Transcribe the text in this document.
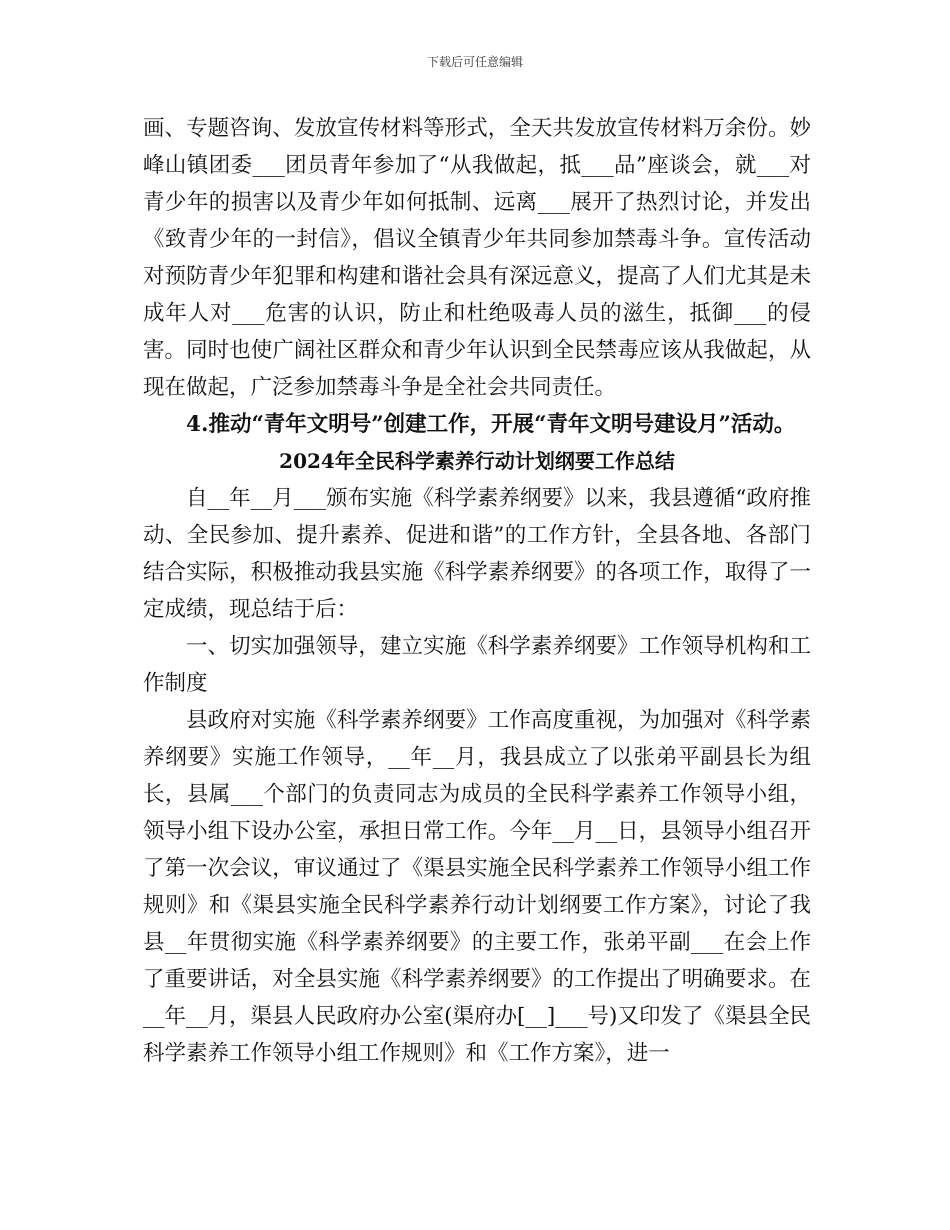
下载后可任意编辑

画、专题咨询、发放宣传材料等形式，全天共发放宣传材料万余份。妙峰山镇团委___团员青年参加了“从我做起，抵___品”座谈会，就___对青少年的损害以及青少年如何抵制、远离___展开了热烈讨论，并发出《致青少年的一封信》，倡议全镇青少年共同参加禁毒斗争。宣传活动对预防青少年犯罪和构建和谐社会具有深远意义，提高了人们尤其是未成年人对___危害的认识，防止和杜绝吸毒人员的滋生，抵御___的侵害。同时也使广阔社区群众和青少年认识到全民禁毒应该从我做起，从现在做起，广泛参加禁毒斗争是全社会共同责任。

4.推动“青年文明号”创建工作，开展“青年文明号建设月”活动。

2024年全民科学素养行动计划纲要工作总结

自__年__月___颁布实施《科学素养纲要》以来，我县遵循“政府推动、全民参加、提升素养、促进和谐”的工作方针，全县各地、各部门结合实际，积极推动我县实施《科学素养纲要》的各项工作，取得了一定成绩，现总结于后：

一、切实加强领导，建立实施《科学素养纲要》工作领导机构和工作制度

县政府对实施《科学素养纲要》工作高度重视，为加强对《科学素养纲要》实施工作领导，__年__月，我县成立了以张弟平副县长为组长，县属___个部门的负责同志为成员的全民科学素养工作领导小组，领导小组下设办公室，承担日常工作。今年__月__日，县领导小组召开了第一次会议，审议通过了《渠县实施全民科学素养工作领导小组工作规则》和《渠县实施全民科学素养行动计划纲要工作方案》，讨论了我县__年贯彻实施《科学素养纲要》的主要工作，张弟平副___在会上作了重要讲话，对全县实施《科学素养纲要》的工作提出了明确要求。在__年__月，渠县人民政府办公室(渠府办[__]___号)又印发了《渠县全民科学素养工作领导小组工作规则》和《工作方案》，进一
